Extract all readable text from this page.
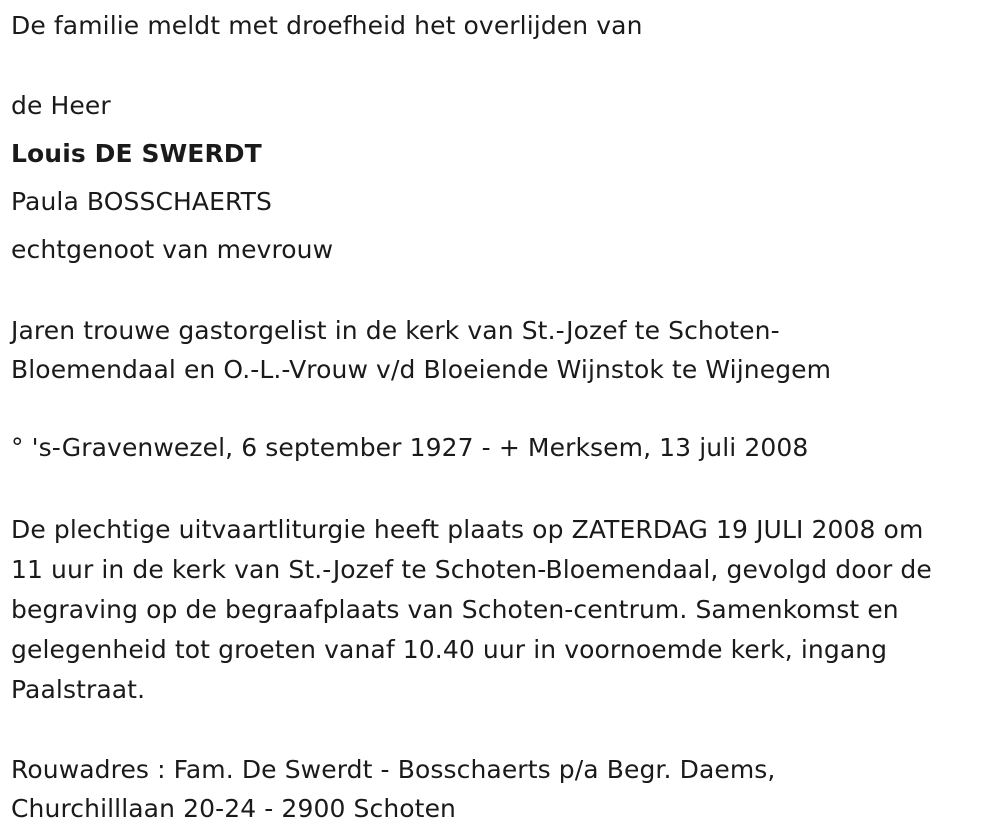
De familie meldt met droefheid het overlijden van
de Heer
Louis DE SWERDT
Paula BOSSCHAERTS
echtgenoot van mevrouw
Jaren trouwe gastorgelist in de kerk van St.-Jozef te Schoten-
Bloemendaal en O.-L.-Vrouw v/d Bloeiende Wijnstok te Wijnegem
° 's-Gravenwezel, 6 september 1927 - + Merksem, 13 juli 2008
De plechtige uitvaartliturgie heeft plaats op ZATERDAG 19 JULI 2008 om
11 uur in de kerk van St.-Jozef te Schoten-Bloemendaal, gevolgd door de
begraving op de begraafplaats van Schoten-centrum. Samenkomst en
gelegenheid tot groeten vanaf 10.40 uur in voornoemde kerk, ingang
Paalstraat.
Rouwadres : Fam. De Swerdt - Bosschaerts p/a Begr. Daems,
Churchilllaan 20-24 - 2900 Schoten
